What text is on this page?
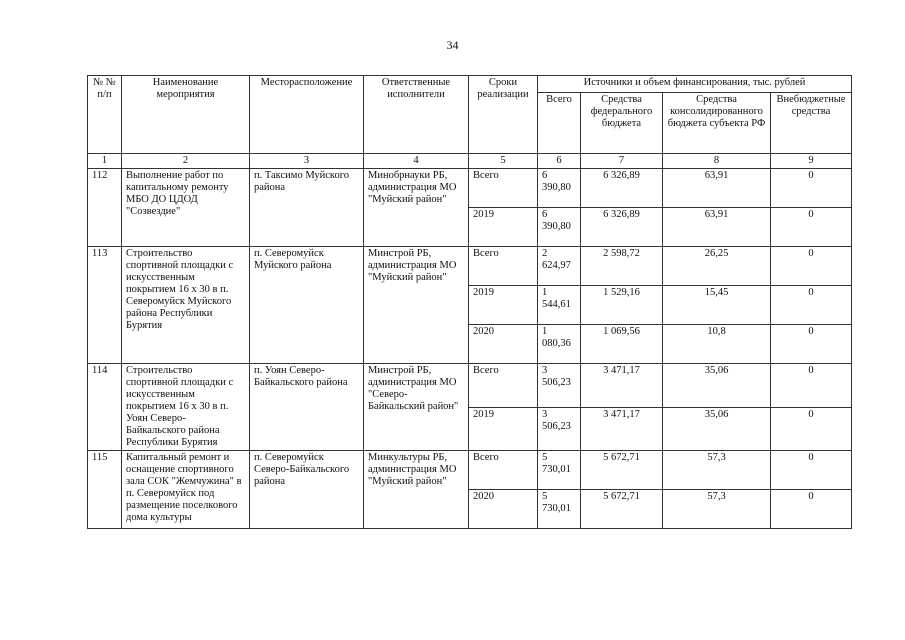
34
№ № п/п	Наименование мероприятия	Месторасположение	Ответственные исполнители	Сроки реализации	Источники и объем финансирования, тыс. рублей			
					Всего	Средства федерального бюджета	Средства консолидированного бюджета субъекта РФ	Внебюджетные средства
1	2	3	4	5	6	7	8	9
112	Выполнение работ по капитальному ремонту МБО ДО ЦДОД "Созвездие"	п. Таксимо Муйского района	Минобрнауки РБ, администрация МО "Муйский район"	Всего	6 390,80	6 326,89	63,91	0
				2019	6 390,80	6 326,89	63,91	0
113	Строительство спортивной площадки с искусственным покрытием 16 x 30 в п. Северомуйск Муйского района Республики Бурятия	п. Северомуйск Муйского района	Минстрой РБ, администрация МО "Муйский район"	Всего	2 624,97	2 598,72	26,25	0
				2019	1 544,61	1 529,16	15,45	0
				2020	1 080,36	1 069,56	10,8	0
114	Строительство спортивной площадки с искусственным покрытием 16 x 30 в п. Уоян Северо-Байкальского района Республики Бурятия	п. Уоян Северо-Байкальского района	Минстрой РБ, администрация МО "Северо-Байкальский район"	Всего	3 506,23	3 471,17	35,06	0
				2019	3 506,23	3 471,17	35,06	0
115	Капитальный ремонт и оснащение спортивного зала СОК "Жемчужина" в п. Северомуйск под размещение поселкового дома культуры	п. Северомуйск Северо-Байкальского района	Минкультуры РБ, администрация МО "Муйский район"	Всего	5 730,01	5 672,71	57,3	0
				2020	5 730,01	5 672,71	57,3	0
